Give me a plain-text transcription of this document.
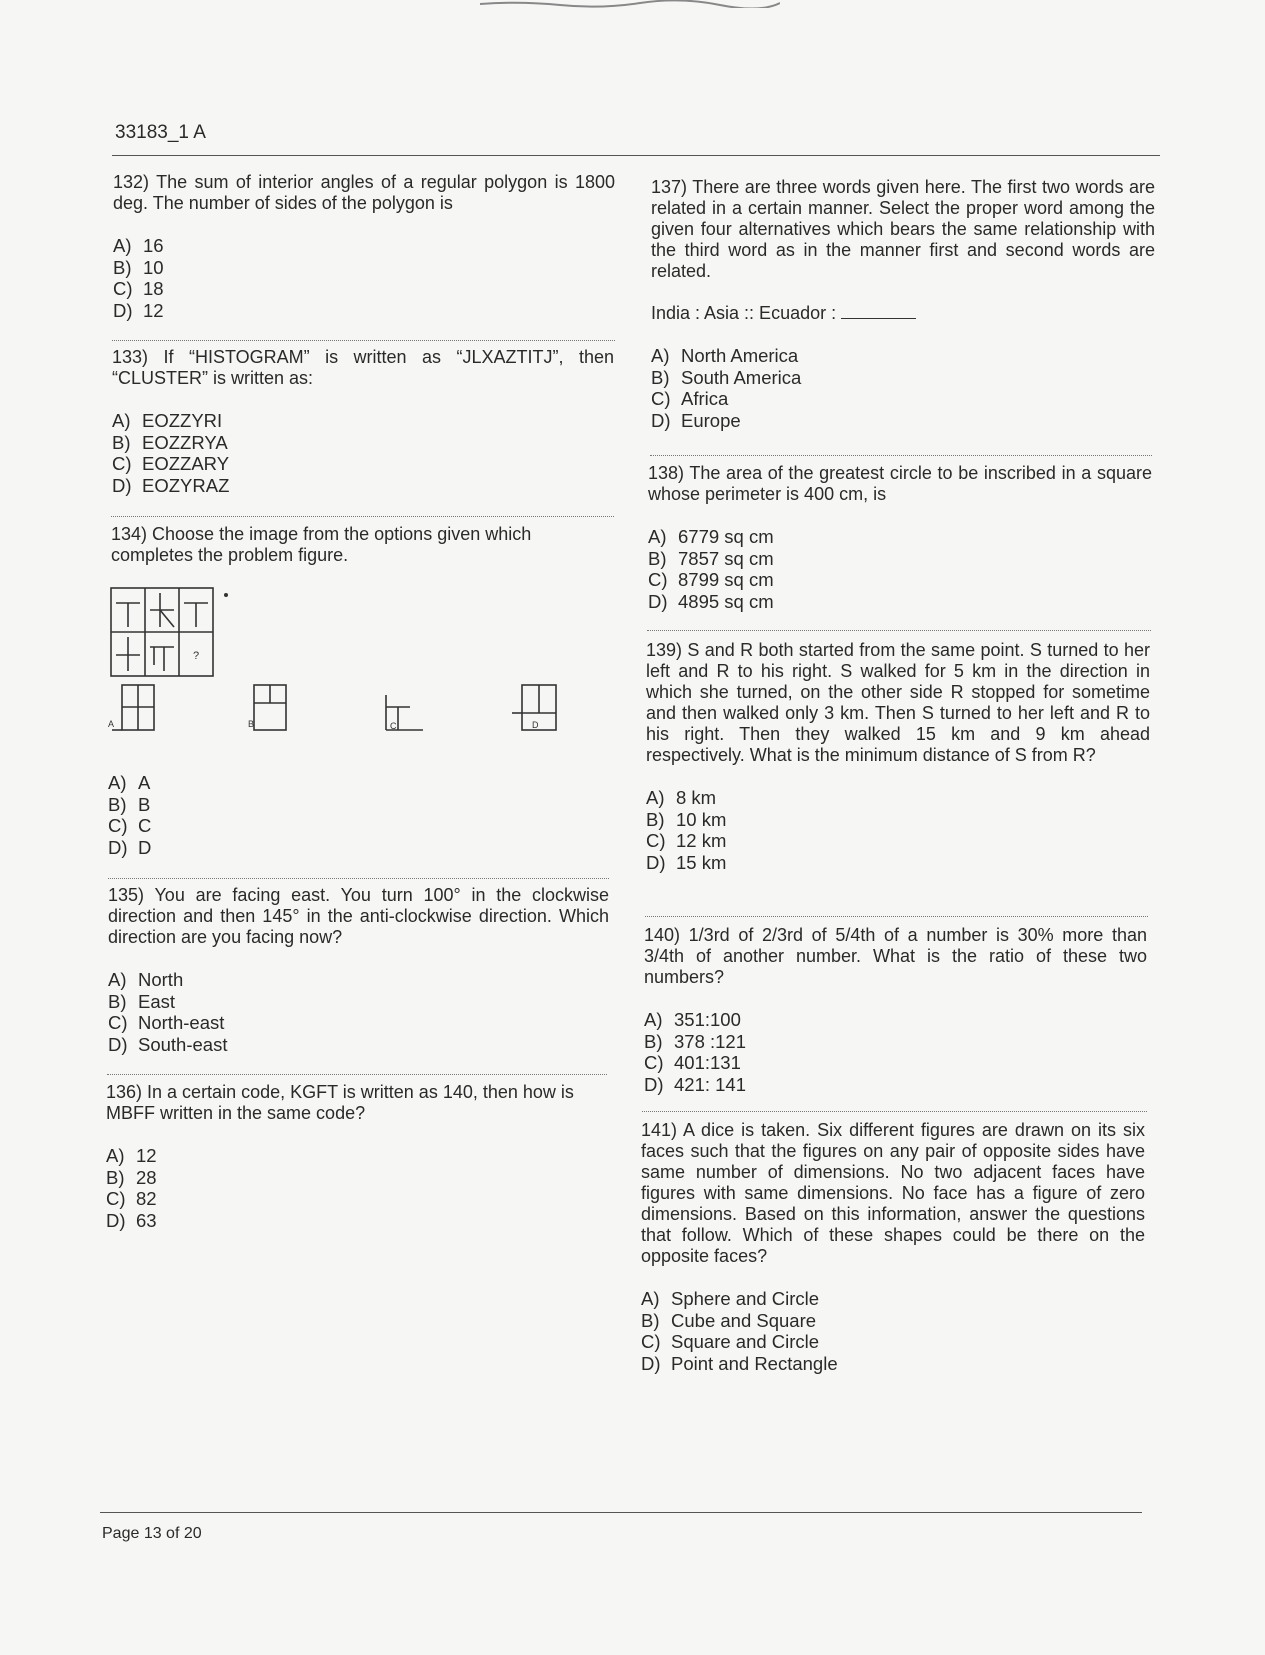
33183_1 A

132) The sum of interior angles of a regular polygon is 1800 deg. The number of sides of the polygon is

A) 16
B) 10
C) 18
D) 12

133) If “HISTOGRAM” is written as “JLXAZTITJ”, then “CLUSTER” is written as:

A) EOZZYRI
B) EOZZRYA
C) EOZZARY
D) EOZYRAZ

134) Choose the image from the options given which completes the problem figure.

?
A	B	C	D
A) A
B) B
C) C
D) D

135) You are facing east. You turn 100° in the clockwise direction and then 145° in the anti-clockwise direction. Which direction are you facing now?

A) North
B) East
C) North-east
D) South-east

136) In a certain code, KGFT is written as 140, then how is MBFF written in the same code?

A) 12
B) 28
C) 82
D) 63

137) There are three words given here. The first two words are related in a certain manner. Select the proper word among the given four alternatives which bears the same relationship with the third word as in the manner first and second words are related.

India : Asia :: Ecuador :

A) North America
B) South America
C) Africa
D) Europe

138) The area of the greatest circle to be inscribed in a square whose perimeter is 400 cm, is

A) 6779 sq cm
B) 7857 sq cm
C) 8799 sq cm
D) 4895 sq cm

139) S and R both started from the same point. S turned to her left and R to his right. S walked for 5 km in the direction in which she turned, on the other side R stopped for sometime and then walked only 3 km. Then S turned to her left and R to his right. Then they walked 15 km and 9 km ahead respectively. What is the minimum distance of S from R?

A) 8 km
B) 10 km
C) 12 km
D) 15 km

140) 1/3rd of 2/3rd of 5/4th of a number is 30% more than 3/4th of another number. What is the ratio of these two numbers?

A) 351:100
B) 378 :121
C) 401:131
D) 421: 141

141) A dice is taken. Six different figures are drawn on its six faces such that the figures on any pair of opposite sides have same number of dimensions. No two adjacent faces have figures with same dimensions. No face has a figure of zero dimensions. Based on this information, answer the questions that follow. Which of these shapes could be there on the opposite faces?

A) Sphere and Circle
B) Cube and Square
C) Square and Circle
D) Point and Rectangle
Page 13 of 20
